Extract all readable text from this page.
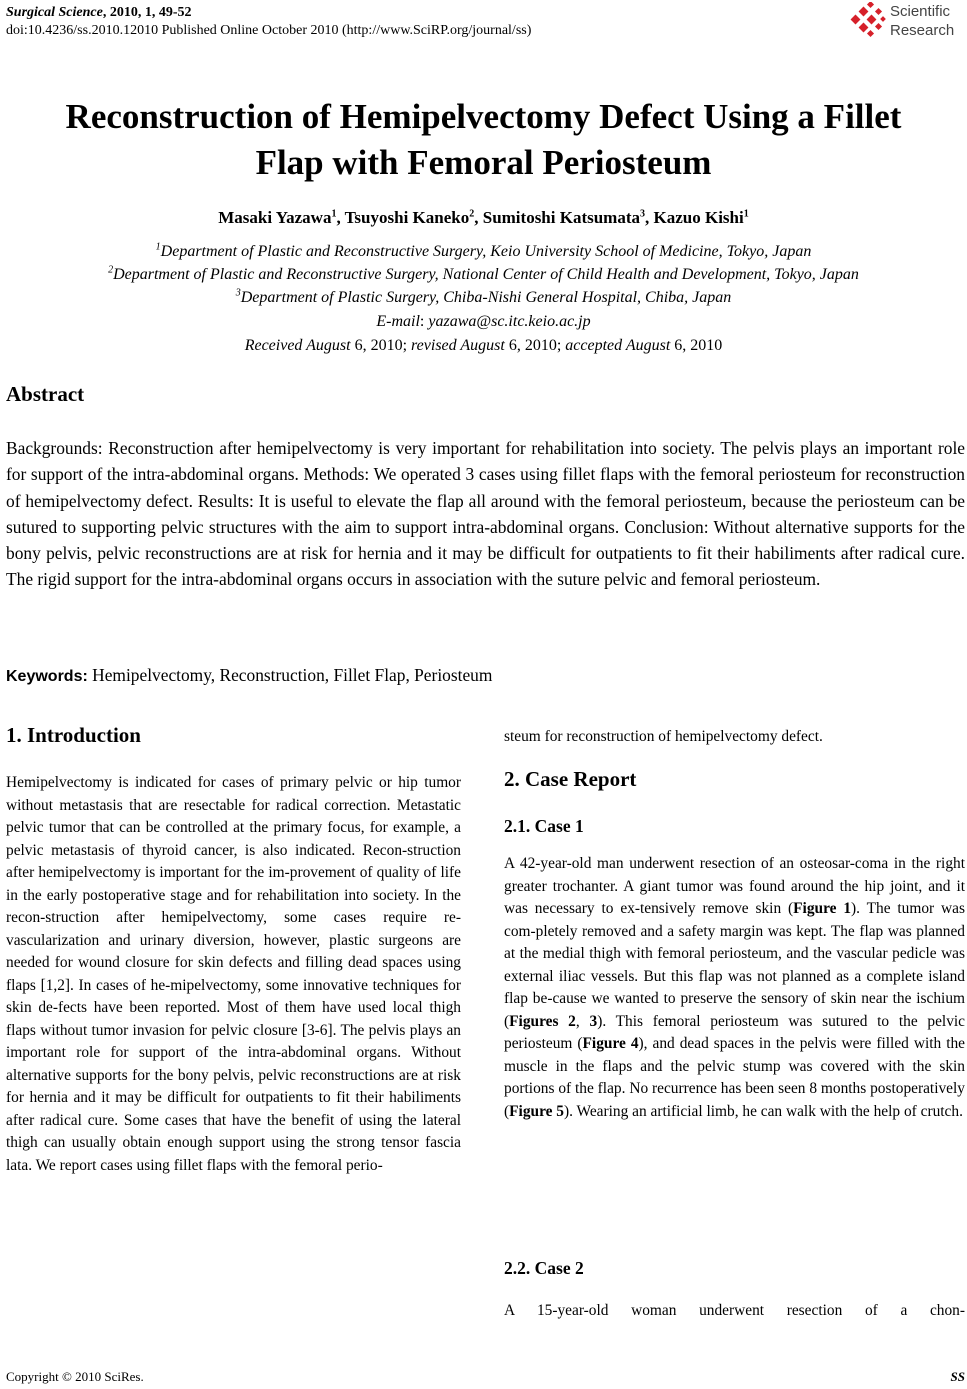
Surgical Science, 2010, 1, 49-52
doi:10.4236/ss.2010.12010 Published Online October 2010 (http://www.SciRP.org/journal/ss)
Scientific
Research
Reconstruction of Hemipelvectomy Defect Using a Fillet
Flap with Femoral Periosteum
Masaki Yazawa$^1$, Tsuyoshi Kaneko$^2$, Sumitoshi Katsumata$^3$, Kazuo Kishi$^1$
$^1$Department of Plastic and Reconstructive Surgery, Keio University School of Medicine, Tokyo, Japan
$^2$Department of Plastic and Reconstructive Surgery, National Center of Child Health and Development, Tokyo, Japan
$^3$Department of Plastic Surgery, Chiba-Nishi General Hospital, Chiba, Japan
E-mail: yazawa@sc.itc.keio.ac.jp
Received August 6, 2010; revised August 6, 2010; accepted August 6, 2010
Abstract
Backgrounds: Reconstruction after hemipelvectomy is very important for rehabilitation into society. The pelvis plays an important role for support of the intra-abdominal organs. Methods: We operated 3 cases using fillet flaps with the femoral periosteum for reconstruction of hemipelvectomy defect. Results: It is useful to elevate the flap all around with the femoral periosteum, because the periosteum can be sutured to supporting pelvic structures with the aim to support intra-abdominal organs. Conclusion: Without alternative supports for the bony pelvis, pelvic reconstructions are at risk for hernia and it may be difficult for outpatients to fit their habiliments after radical cure. The rigid support for the intra-abdominal organs occurs in association with the suture pelvic and femoral periosteum.
Keywords: Hemipelvectomy, Reconstruction, Fillet Flap, Periosteum
1. Introduction
Hemipelvectomy is indicated for cases of primary pelvic or hip tumor without metastasis that are resectable for radical correction. Metastatic pelvic tumor that can be controlled at the primary focus, for example, a pelvic metastasis of thyroid cancer, is also indicated. Recon-struction after hemipelvectomy is important for the im-provement of quality of life in the early postoperative stage and for rehabilitation into society. In the recon-struction after hemipelvectomy, some cases require re-vascularization and urinary diversion, however, plastic surgeons are needed for wound closure for skin defects and filling dead spaces using flaps [1,2]. In cases of he-mipelvectomy, some innovative techniques for skin de-fects have been reported. Most of them have used local thigh flaps without tumor invasion for pelvic closure [3-6]. The pelvis plays an important role for support of the intra-abdominal organs. Without alternative supports for the bony pelvis, pelvic reconstructions are at risk for hernia and it may be difficult for outpatients to fit their habiliments after radical cure. Some cases that have the benefit of using the lateral thigh can usually obtain enough support using the strong tensor fascia lata. We report cases using fillet flaps with the femoral perio-
steum for reconstruction of hemipelvectomy defect.
2. Case Report
2.1. Case 1
A 42-year-old man underwent resection of an osteosar-coma in the right greater trochanter. A giant tumor was found around the hip joint, and it was necessary to ex-tensively remove skin (Figure 1). The tumor was com-pletely removed and a safety margin was kept. The flap was planned at the medial thigh with femoral periosteum, and the vascular pedicle was external iliac vessels. But this flap was not planned as a complete island flap be-cause we wanted to preserve the sensory of skin near the ischium (Figures 2, 3). This femoral periosteum was sutured to the pelvic periosteum (Figure 4), and dead spaces in the pelvis were filled with the muscle in the flaps and the pelvic stump was covered with the skin portions of the flap. No recurrence has been seen 8 months postoperatively (Figure 5). Wearing an artificial limb, he can walk with the help of crutch.
2.2. Case 2
A 15-year-old woman underwent resection of a chon-
Copyright © 2010 SciRes.	SS
